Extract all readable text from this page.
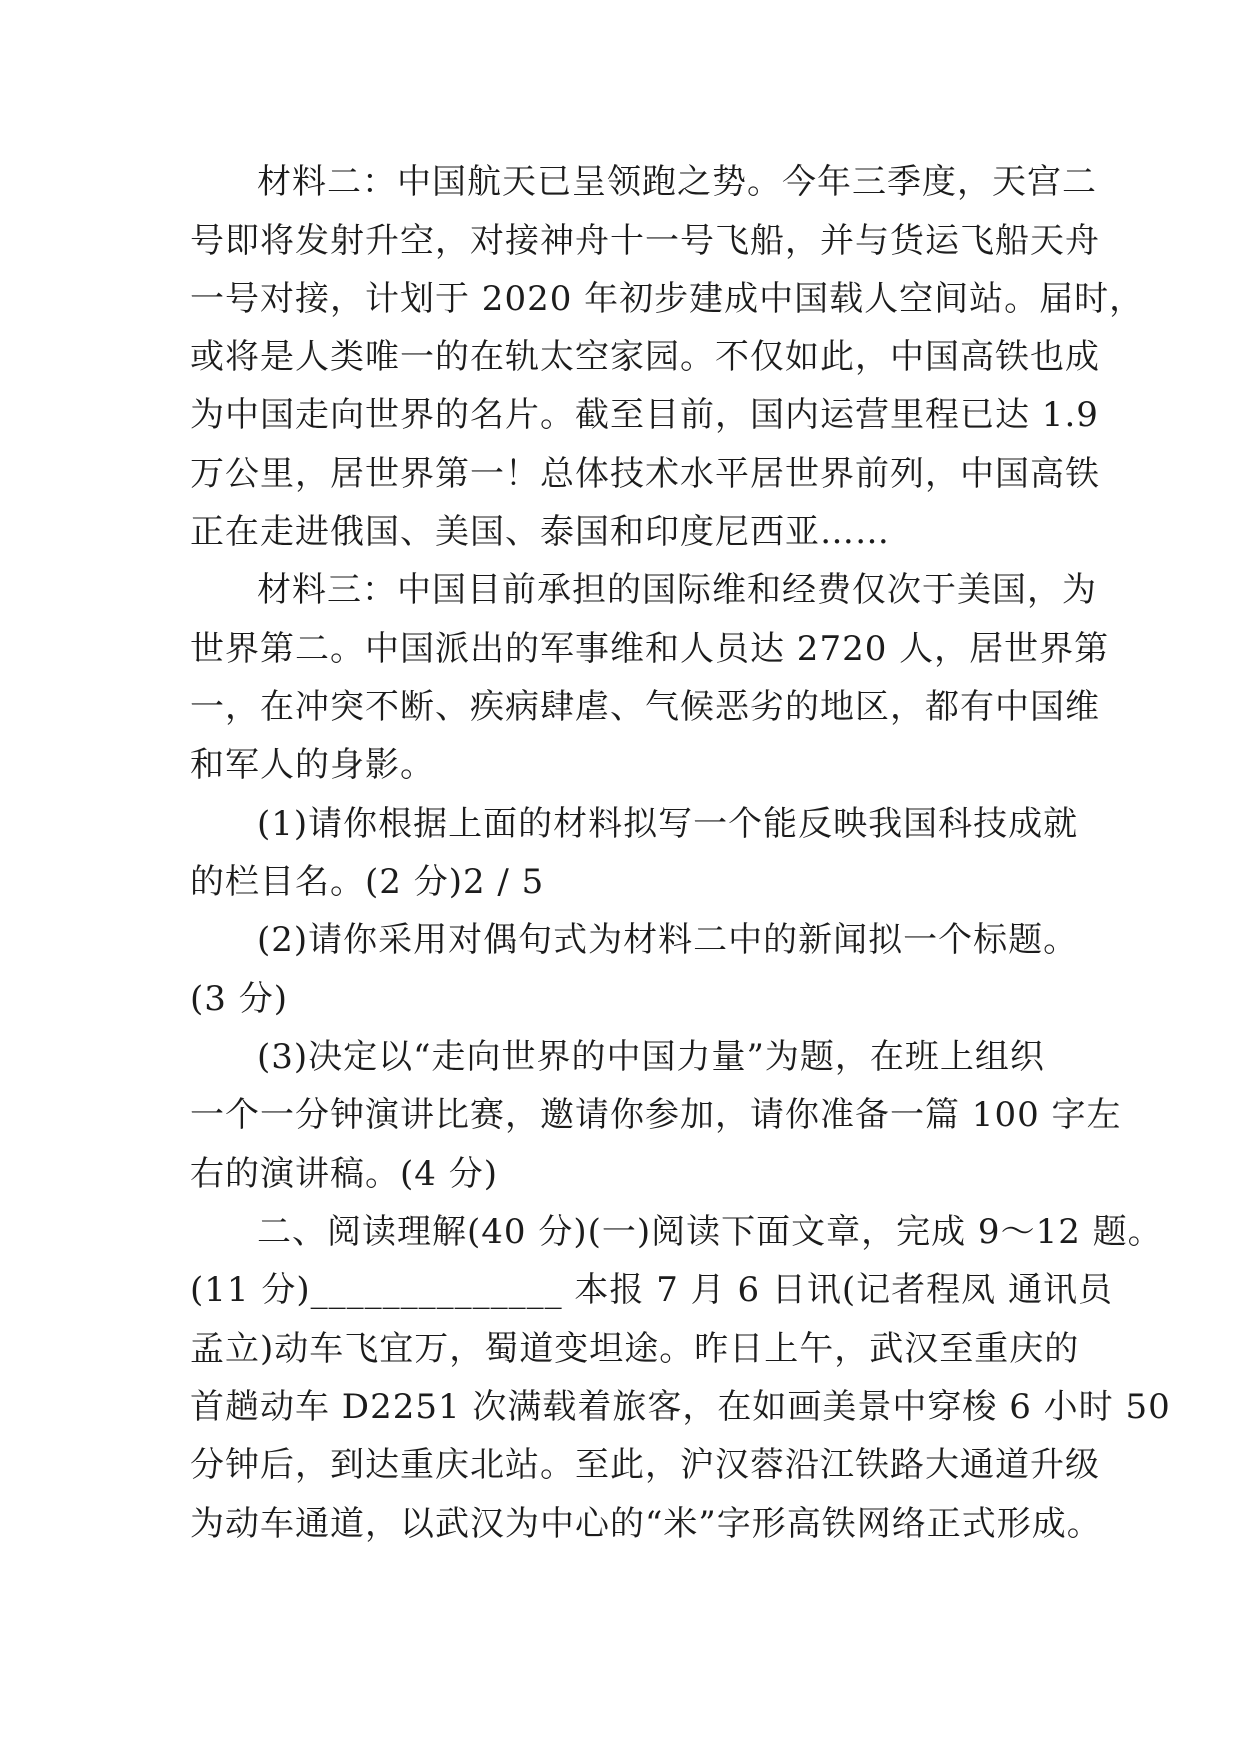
材料二：中国航天已呈领跑之势。今年三季度，天宫二
号即将发射升空，对接神舟十一号飞船，并与货运飞船天舟
一号对接，计划于 2020 年初步建成中国载人空间站。届时，
或将是人类唯一的在轨太空家园。不仅如此，中国高铁也成
为中国走向世界的名片。截至目前，国内运营里程已达 1.9
万公里，居世界第一！总体技术水平居世界前列，中国高铁
正在走进俄国、美国、泰国和印度尼西亚……
材料三：中国目前承担的国际维和经费仅次于美国，为
世界第二。中国派出的军事维和人员达 2720 人，居世界第
一，在冲突不断、疾病肆虐、气候恶劣的地区，都有中国维
和军人的身影。
(1)请你根据上面的材料拟写一个能反映我国科技成就
的栏目名。(2 分)2 / 5
(2)请你采用对偶句式为材料二中的新闻拟一个标题。
(3 分)
(3)决定以“走向世界的中国力量”为题，在班上组织
一个一分钟演讲比赛，邀请你参加，请你准备一篇 100 字左
右的演讲稿。(4 分)
二、阅读理解(40 分)(一)阅读下面文章，完成 9～12 题。
(11 分)______________ 本报 7 月 6 日讯(记者程凤 通讯员
孟立)动车飞宜万，蜀道变坦途。昨日上午，武汉至重庆的
首趟动车 D2251 次满载着旅客，在如画美景中穿梭 6 小时 50
分钟后，到达重庆北站。至此，沪汉蓉沿江铁路大通道升级
为动车通道，以武汉为中心的“米”字形高铁网络正式形成。
